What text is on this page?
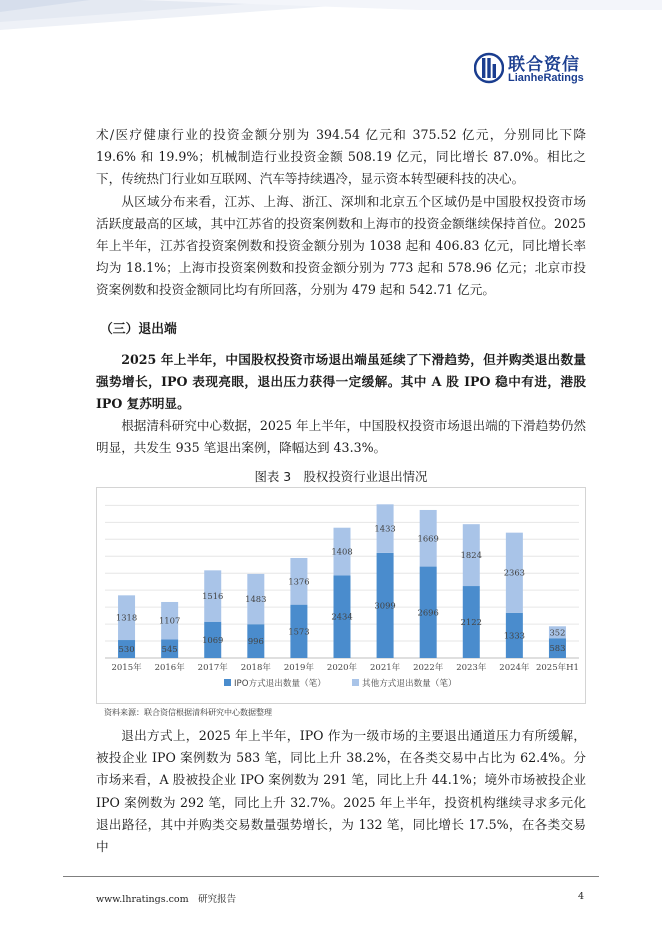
联合资信
LianheRatings

术/医疗健康行业的投资金额分别为 394.54 亿元和 375.52 亿元，分别同比下降 19.6% 和 19.9%；机械制造行业投资金额 508.19 亿元，同比增长 87.0%。相比之下，传统热门行业如互联网、汽车等持续遇冷，显示资本转型硬科技的决心。

从区域分布来看，江苏、上海、浙江、深圳和北京五个区域仍是中国股权投资市场活跃度最高的区域，其中江苏省的投资案例数和上海市的投资金额继续保持首位。2025 年上半年，江苏省投资案例数和投资金额分别为 1038 起和 406.83 亿元，同比增长率均为 18.1%；上海市投资案例数和投资金额分别为 773 起和 578.96 亿元；北京市投资案例数和投资金额同比均有所回落，分别为 479 起和 542.71 亿元。

（三）退出端

2025 年上半年，中国股权投资市场退出端虽延续了下滑趋势，但并购类退出数量强势增长，IPO 表现亮眼，退出压力获得一定缓解。其中 A 股 IPO 稳中有进，港股 IPO 复苏明显。

根据清科研究中心数据，2025 年上半年，中国股权投资市场退出端的下滑趋势仍然明显，共发生 935 笔退出案例，降幅达到 43.3%。

图表 3　股权投资行业退出情况
530
1318
2015年
545
1107
2016年
1069
1516
2017年
996
1483
2018年
1573
1376
2019年
2434
1408
2020年
3099
1433
2021年
2696
1669
2022年
2122
1824
2023年
1333
2363
2024年
583
352
2025年H1
IPO方式退出数量（笔）	其他方式退出数量（笔）
资料来源：联合资信根据清科研究中心数据整理

退出方式上，2025 年上半年，IPO 作为一级市场的主要退出通道压力有所缓解，被投企业 IPO 案例数为 583 笔，同比上升 38.2%，在各类交易中占比为 62.4%。分市场来看，A 股被投企业 IPO 案例数为 291 笔，同比上升 44.1%；境外市场被投企业 IPO 案例数为 292 笔，同比上升 32.7%。2025 年上半年，投资机构继续寻求多元化退出路径，其中并购类交易数量强势增长，为 132 笔，同比增长 17.5%，在各类交易中

www.lhratings.com　研究报告	4
